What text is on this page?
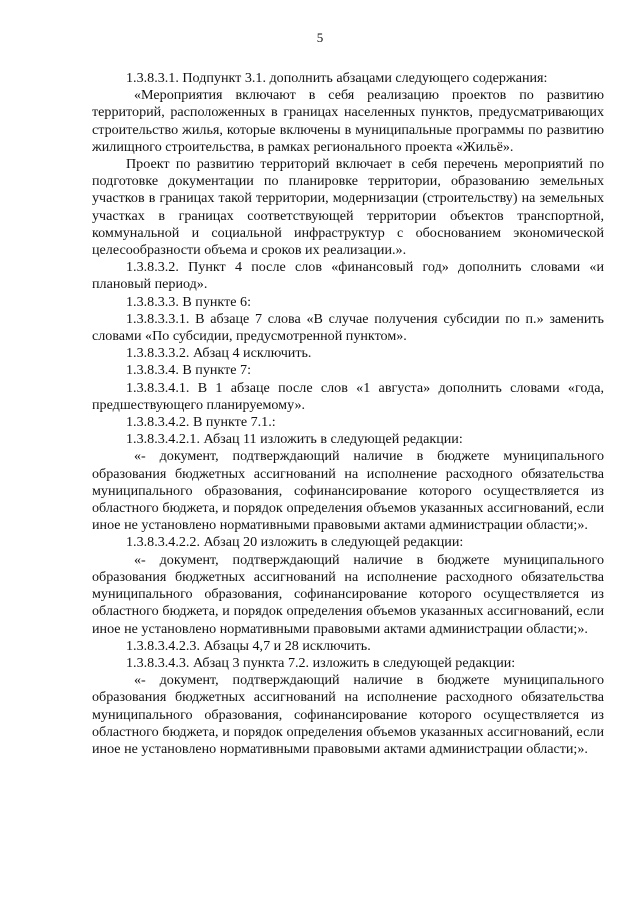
5

1.3.8.3.1. Подпункт 3.1. дополнить абзацами следующего содержания:

«Мероприятия включают в себя реализацию проектов по развитию территорий, расположенных в границах населенных пунктов, предусматривающих строительство жилья, которые включены в муниципальные программы по развитию жилищного строительства, в рамках регионального проекта «Жильё».

Проект по развитию территорий включает в себя перечень мероприятий по подготовке документации по планировке территории, образованию земельных участков в границах такой территории, модернизации (строительству) на земельных участках в границах соответствующей территории объектов транспортной, коммунальной и социальной инфраструктур с обоснованием экономической целесообразности объема и сроков их реализации.».

1.3.8.3.2. Пункт 4 после слов «финансовый год» дополнить словами «и плановый период».

1.3.8.3.3. В пункте 6:

1.3.8.3.3.1. В абзаце 7 слова «В случае получения субсидии по п.» заменить словами «По субсидии, предусмотренной пунктом».

1.3.8.3.3.2. Абзац 4 исключить.

1.3.8.3.4. В пункте 7:

1.3.8.3.4.1. В 1 абзаце после слов «1 августа» дополнить словами «года, предшествующего планируемому».

1.3.8.3.4.2. В пункте 7.1.:

1.3.8.3.4.2.1. Абзац 11 изложить в следующей редакции:

«- документ, подтверждающий наличие в бюджете муниципального образования бюджетных ассигнований на исполнение расходного обязательства муниципального образования, софинансирование которого осуществляется из областного бюджета, и порядок определения объемов указанных ассигнований, если иное не установлено нормативными правовыми актами администрации области;».

1.3.8.3.4.2.2. Абзац 20 изложить в следующей редакции:

«- документ, подтверждающий наличие в бюджете муниципального образования бюджетных ассигнований на исполнение расходного обязательства муниципального образования, софинансирование которого осуществляется из областного бюджета, и порядок определения объемов указанных ассигнований, если иное не установлено нормативными правовыми актами администрации области;».

1.3.8.3.4.2.3. Абзацы 4,7 и 28 исключить.

1.3.8.3.4.3. Абзац 3 пункта 7.2. изложить в следующей редакции:

«- документ, подтверждающий наличие в бюджете муниципального образования бюджетных ассигнований на исполнение расходного обязательства муниципального образования, софинансирование которого осуществляется из областного бюджета, и порядок определения объемов указанных ассигнований, если иное не установлено нормативными правовыми актами администрации области;».
